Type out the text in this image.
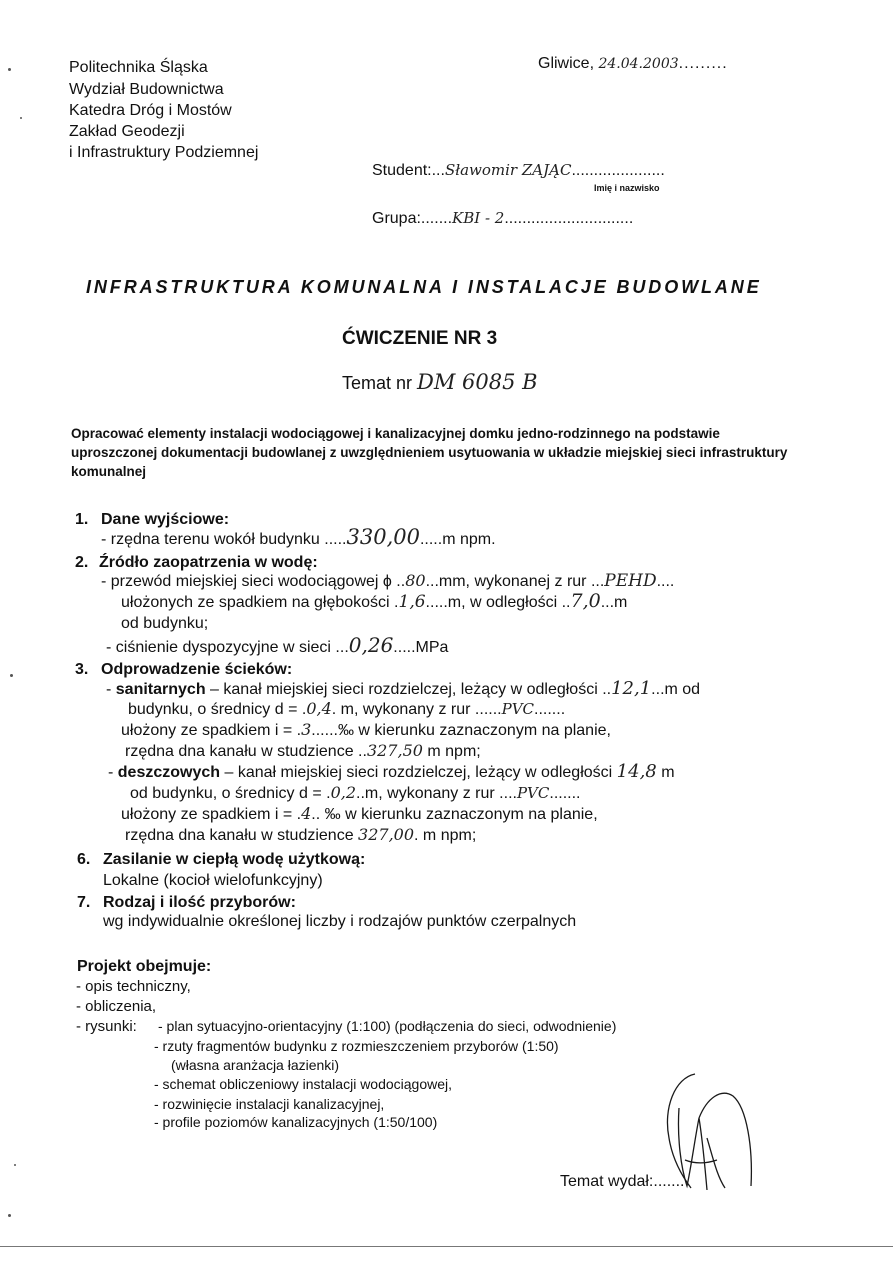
Politechnika Śląska
Wydział Budownictwa
Katedra Dróg i Mostów
Zakład Geodezji
i Infrastruktury Podziemnej
Gliwice, 24.04.2003.........
Student:...Sławomir ZAJĄC.....................
Imię i nazwisko
Grupa:.......KBI - 2.............................
INFRASTRUKTURA KOMUNALNA I INSTALACJE BUDOWLANE
ĆWICZENIE NR 3
Temat nr DM 6085 B
Opracować elementy instalacji wodociągowej i kanalizacyjnej domku jedno-rodzinnego na podstawie uproszczonej dokumentacji budowlanej z uwzględnieniem usytuowania w układzie miejskiej sieci infrastruktury komunalnej
1. Dane wyjściowe:
- rzędna terenu wokół budynku .....330,00.....m npm.
2. Źródło zaopatrzenia w wodę:
- przewód miejskiej sieci wodociągowej ϕ ..80...mm, wykonanej z rur ...PEHD....
ułożonych ze spadkiem na głębokości .1,6.....m, w odległości ..7,0...m
od budynku;
- ciśnienie dyspozycyjne w sieci ...0,26.....MPa
3. Odprowadzenie ścieków:
- sanitarnych – kanał miejskiej sieci rozdzielczej, leżący w odległości ..12,1...m od
budynku, o średnicy d = .0,4. m, wykonany z rur ......PVC.......
ułożony ze spadkiem i = .3......‰ w kierunku zaznaczonym na planie,
rzędna dna kanału w studzience ..327,50 m npm;
- deszczowych – kanał miejskiej sieci rozdzielczej, leżący w odległości 14,8 m
od budynku, o średnicy d = .0,2..m, wykonany z rur ....PVC.......
ułożony ze spadkiem i = .4.. ‰ w kierunku zaznaczonym na planie,
rzędna dna kanału w studzience 327,00. m npm;
6. Zasilanie w ciepłą wodę użytkową:
Lokalne (kocioł wielofunkcyjny)
7. Rodzaj i ilość przyborów:
wg indywidualnie określonej liczby i rodzajów punktów czerpalnych
Projekt obejmuje:
- opis techniczny,
- obliczenia,
- rysunki: - plan sytuacyjno-orientacyjny (1:100) (podłączenia do sieci, odwodnienie)
- rzuty fragmentów budynku z rozmieszczeniem przyborów (1:50)
(własna aranżacja łazienki)
- schemat obliczeniowy instalacji wodociągowej,
- rozwinięcie instalacji kanalizacyjnej,
- profile poziomów kanalizacyjnych (1:50/100)
Temat wydał:.......
